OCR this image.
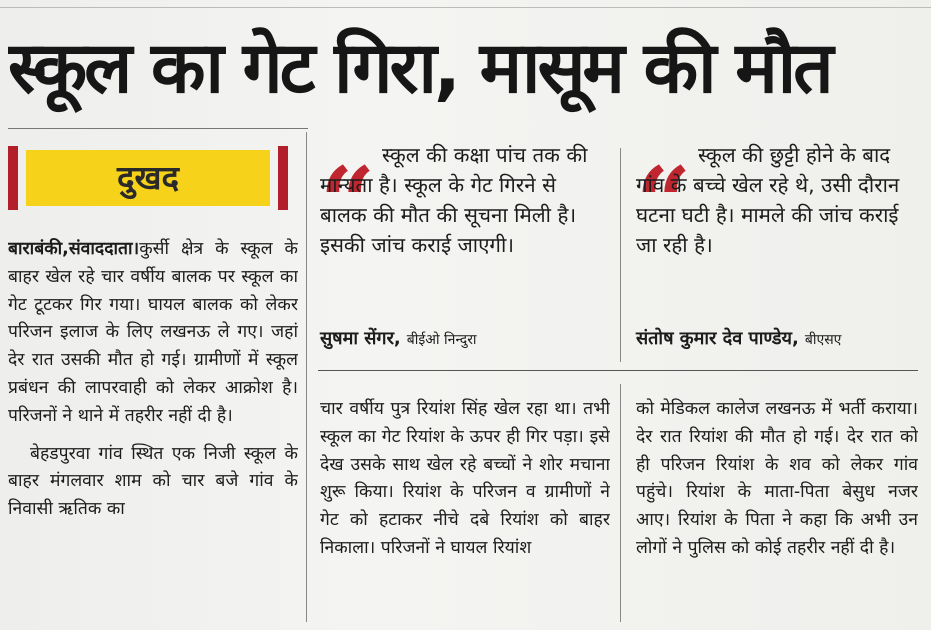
स्कूल का गेट गिरा, मासूम की मौत
दुखद
स्कूल की कक्षा पांच तक की मान्यता है। स्कूल के गेट गिरने से बालक की मौत की सूचना मिली है। इसकी जांच कराई जाएगी।
सुषमा सेंगर, बीईओ निन्दुरा
स्कूल की छुट्टी होने के बाद गांव के बच्चे खेल रहे थे, उसी दौरान घटना घटी है। मामले की जांच कराई जा रही है।
संतोष कुमार देव पाण्डेय, बीएसए

बाराबंकी,संवाददाता।कुर्सी क्षेत्र के स्कूल के बाहर खेल रहे चार वर्षीय बालक पर स्कूल का गेट टूटकर गिर गया। घायल बालक को लेकर परिजन इलाज के लिए लखनऊ ले गए। जहां देर रात उसकी मौत हो गई। ग्रामीणों में स्कूल प्रबंधन की लापरवाही को लेकर आक्रोश है। परिजनों ने थाने में तहरीर नहीं दी है।

बेहडपुरवा गांव स्थित एक निजी स्कूल के बाहर मंगलवार शाम को चार बजे गांव के निवासी ऋतिक का

चार वर्षीय पुत्र रियांश सिंह खेल रहा था। तभी स्कूल का गेट रियांश के ऊपर ही गिर पड़ा। इसे देख उसके साथ खेल रहे बच्चों ने शोर मचाना शुरू किया। रियांश के परिजन व ग्रामीणों ने गेट को हटाकर नीचे दबे रियांश को बाहर निकाला। परिजनों ने घायल रियांश

को मेडिकल कालेज लखनऊ में भर्ती कराया। देर रात रियांश की मौत हो गई। देर रात को ही परिजन रियांश के शव को लेकर गांव पहुंचे। रियांश के माता-पिता बेसुध नजर आए। रियांश के पिता ने कहा कि अभी उन लोगों ने पुलिस को कोई तहरीर नहीं दी है।
